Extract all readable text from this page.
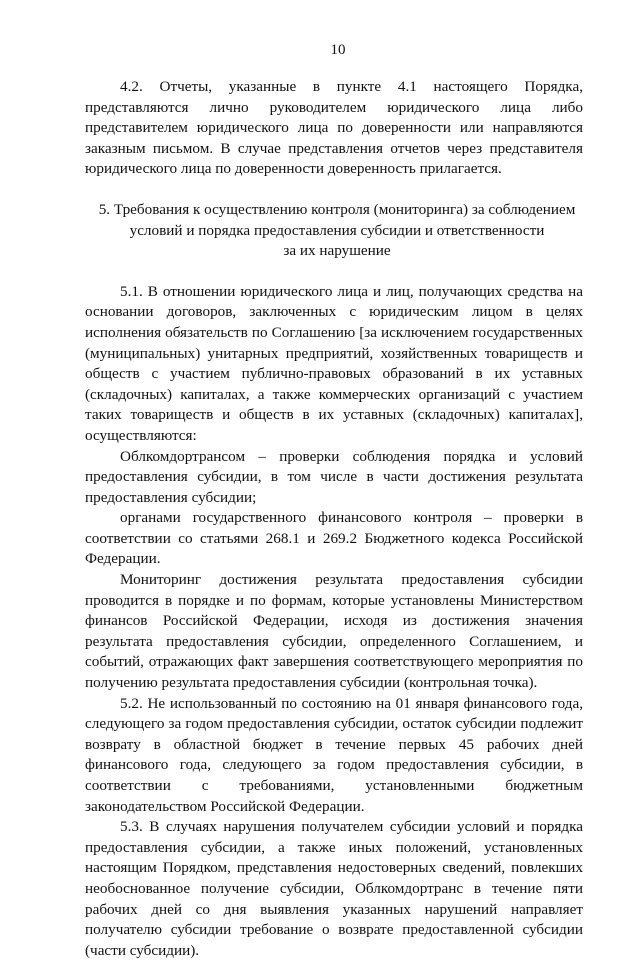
10

4.2. Отчеты, указанные в пункте 4.1 настоящего Порядка, представляются лично руководителем юридического лица либо представителем юридического лица по доверенности или направляются заказным письмом. В случае представления отчетов через представителя юридического лица по доверенности доверенность прилагается.

5. Требования к осуществлению контроля (мониторинга) за соблюдением
условий и порядка предоставления субсидии и ответственности
за их нарушение

5.1. В отношении юридического лица и лиц, получающих средства на основании договоров, заключенных с юридическим лицом в целях исполнения обязательств по Соглашению [за исключением государственных (муниципальных) унитарных предприятий, хозяйственных товариществ и обществ с участием публично-правовых образований в их уставных (складочных) капиталах, а также коммерческих организаций с участием таких товариществ и обществ в их уставных (складочных) капиталах], осуществляются:

Облкомдортрансом – проверки соблюдения порядка и условий предоставления субсидии, в том числе в части достижения результата предоставления субсидии;

органами государственного финансового контроля – проверки в соответствии со статьями 268.1 и 269.2 Бюджетного кодекса Российской Федерации.

Мониторинг достижения результата предоставления субсидии проводится в порядке и по формам, которые установлены Министерством финансов Российской Федерации, исходя из достижения значения результата предоставления субсидии, определенного Соглашением, и событий, отражающих факт завершения соответствующего мероприятия по получению результата предоставления субсидии (контрольная точка).

5.2. Не использованный по состоянию на 01 января финансового года, следующего за годом предоставления субсидии, остаток субсидии подлежит возврату в областной бюджет в течение первых 45 рабочих дней финансового года, следующего за годом предоставления субсидии, в соответствии с требованиями, установленными бюджетным законодательством Российской Федерации.

5.3. В случаях нарушения получателем субсидии условий и порядка предоставления субсидии, а также иных положений, установленных настоящим Порядком, представления недостоверных сведений, повлекших необоснованное получение субсидии, Облкомдортранс в течение пяти рабочих дней со дня выявления указанных нарушений направляет получателю субсидии требование о возврате предоставленной субсидии (части субсидии).
